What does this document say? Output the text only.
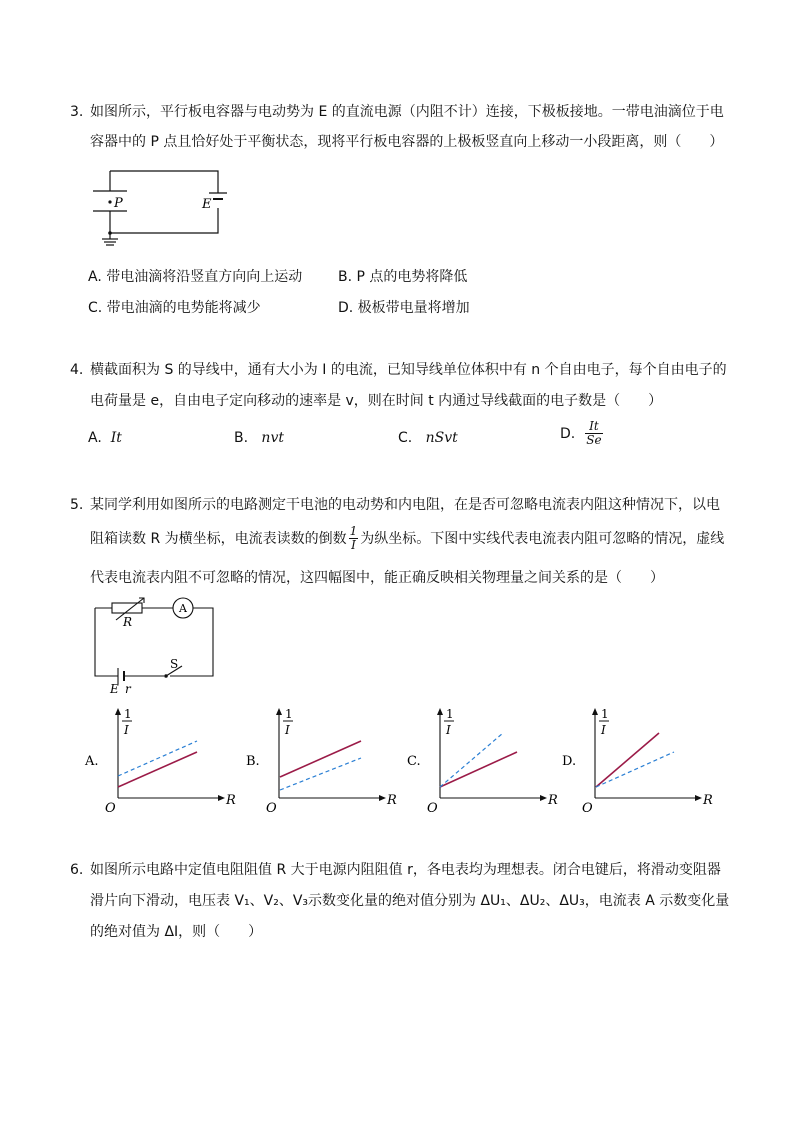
3. 如图所示，平行板电容器与电动势为 E 的直流电源（内阻不计）连接，下极板接地。一带电油滴位于电
容器中的 P 点且恰好处于平衡状态，现将平行板电容器的上极板竖直向上移动一小段距离，则（　　）
P	E
A. 带电油滴将沿竖直方向向上运动	B. P 点的电势将降低
C. 带电油滴的电势能将减少	D. 极板带电量将增加
4. 横截面积为 S 的导线中，通有大小为 I 的电流，已知导线单位体积中有 n 个自由电子，每个自由电子的
电荷量是 e，自由电子定向移动的速率是 v，则在时间 t 内通过导线截面的电子数是（　　）
A. It	B. nvt	C. nSvt	D. $\frac{It}{Se}$
5. 某同学利用如图所示的电路测定干电池的电动势和内电阻，在是否可忽略电流表内阻这种情况下，以电
阻箱读数 R 为横坐标，电流表读数的倒数 $\frac{1}{I}$ 为纵坐标。下图中实线代表电流表内阻可忽略的情况，虚线
代表电流表内阻不可忽略的情况，这四幅图中，能正确反映相关物理量之间关系的是（　　）
R
A
S
E r
A.
1
I
O
R
B.
1
I
O
R
C.
1
I
O
R
D.
1
I
O
R
6. 如图所示电路中定值电阻阻值 R 大于电源内阻阻值 r，各电表均为理想表。闭合电键后，将滑动变阻器
滑片向下滑动，电压表 V₁、V₂、V₃示数变化量的绝对值分别为 ΔU₁、ΔU₂、ΔU₃，电流表 A 示数变化量
的绝对值为 ΔI，则（　　）
